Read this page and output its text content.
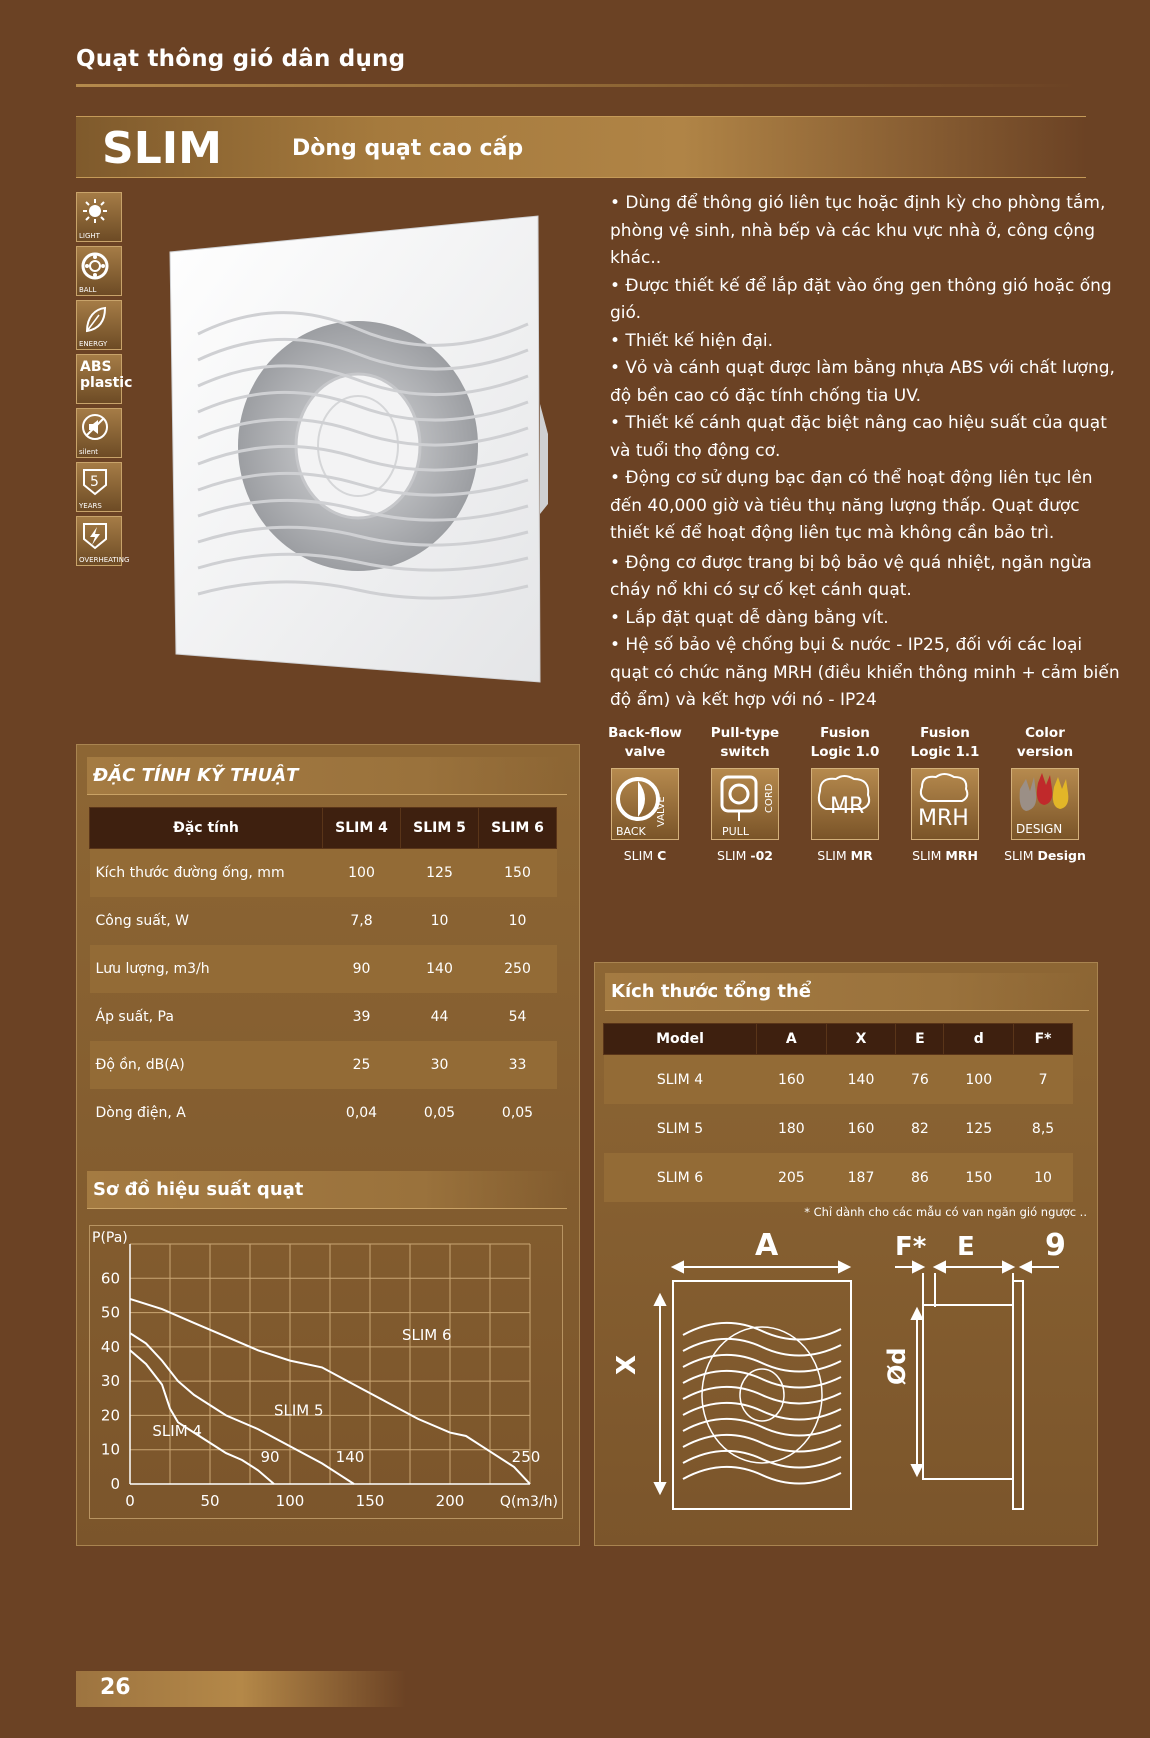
Quạt thông gió dân dụng
SLIM	Dòng quạt cao cấp
LIGHT
BALL
ENERGY
ABS plastic
silent
5
YEARS
OVERHEATING

• Dùng để thông gió liên tục hoặc định kỳ cho phòng tắm, phòng vệ sinh, nhà bếp và các khu vực nhà ở, công cộng khác..

• Được thiết kế để lắp đặt vào ống gen thông gió hoặc ống gió.

• Thiết kế hiện đại.

• Vỏ và cánh quạt được làm bằng nhựa ABS với chất lượng, độ bền cao có đặc tính chống tia UV.

• Thiết kế cánh quạt đặc biệt nâng cao hiệu suất của quạt và tuổi thọ động cơ.

• Động cơ sử dụng bạc đạn có thể hoạt động liên tục lên đến 40,000 giờ và tiêu thụ năng lượng thấp. Quạt được thiết kế để hoạt động liên tục mà không cần bảo trì.

• Động cơ được trang bị bộ bảo vệ quá nhiệt, ngăn ngừa cháy nổ khi có sự cố kẹt cánh quạt.

• Lắp đặt quạt dễ dàng bằng vít.

• Hệ số bảo vệ chống bụi & nước - IP25, đối với các loại quạt có chức năng MRH (điều khiển thông minh + cảm biến độ ẩm) và kết hợp với nó - IP24

Back-flow valve
BACK
VALVE
SLIM C
Pull-type switch
PULL
CORD
SLIM -02
Fusion Logic 1.0
MR
SLIM MR
Fusion Logic 1.1
MRH
SLIM MRH
Color version
DESIGN
SLIM Design
ĐẶC TÍNH KỸ THUẬT
Đặc tính	SLIM 4	SLIM 5	SLIM 6
Kích thước đường ống, mm	100	125	150
Công suất, W	7,8	10	10
Lưu lượng, m3/h	90	140	250
Áp suất, Pa	39	44	54
Độ ồn, dB(A)	25	30	33
Dòng điện, A	0,04	0,05	0,05
Sơ đồ hiệu suất quạt
0	50	100	150	200
0
10
20
30
40
50
60
P(Pa)
Q(m3/h)
SLIM 4
90
SLIM 5
140
SLIM 6
250
Kích thước tổng thể
Model	A	X	E	d	F*
SLIM 4	160	140	76	100	7
SLIM 5	180	160	82	125	8,5
SLIM 6	205	187	86	150	10
* Chỉ dành cho các mẫu có van ngăn gió ngược ..
A	F* E 9
X	Ød
26
